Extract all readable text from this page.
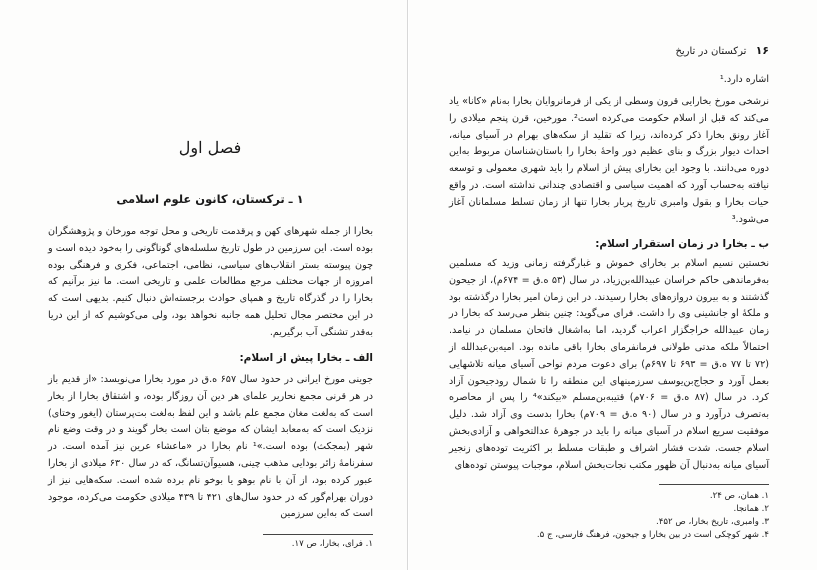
فصل اول

۱ ـ ترکستان، کانون علوم اسلامی

بخارا از جمله شهرهای کهن و پرقدمت تاریخی و محل توجه مورخان و پژوهشگران بوده است. این سرزمین در طول تاریخ سلسله‌های گوناگونی را به‌خود دیده است و چون پیوسته بستر انقلاب‌های سیاسی، نظامی، اجتماعی، فکری و فرهنگی بوده امروزه از جهات مختلف مرجع مطالعات علمی و تاریخی است. ما نیز برآنیم که بخارا را در گذرگاه تاریخ و همپای حوادث برجسته‌اش دنبال کنیم. بدیهی است که در این مختصر مجال تحلیل همه جانبه نخواهد بود، ولی می‌کوشیم که از این دریا به‌قدر تشنگی آب برگیریم.

الف ـ بخارا پیش از اسلام:

جوینی مورخ ایرانی در حدود سال ۶۵۷ ه.ق در مورد بخارا می‌نویسد: «از قدیم باز در هر قرنی مجمع نحاریر علمای هر دین آن روزگار بوده، و اشتقاق بخارا از بخار است که به‌لغت مغان مجمع علم باشد و این لفظ به‌لغت بت‌پرستان (ایغور وختای) نزدیک است که به‌معابد ایشان که موضع بتان است بخار گویند و در وقت وضع نام شهر (بمجکث) بوده است.»¹ نام بخارا در «ماعشاء عرین نیز آمده است. در سفرنامهٔ زائر بودایی مذهب چینی، هسیوآن‌تسانگ، که در سال ۶۳۰ میلادی از بخارا عبور کرده بود، از آن با نام بوهو یا بوخو نام برده شده است. سکه‌هایی نیز از دوران بهرام‌گور که در حدود سال‌های ۴۲۱ تا ۴۳۹ میلادی حکومت می‌کرده، موجود است که به‌این سرزمین

۱. فرای، بخارا، ص ۱۷.

۱۶ ترکستان در تاریخ

اشاره دارد.¹

نرشخی مورخ بخارایی قرون وسطی از یکی از فرمانروایان بخارا به‌نام «کانا» یاد می‌کند که قبل از اسلام حکومت می‌کرده است². مورخین، قرن پنجم میلادی را آغاز رونق بخارا ذکر کرده‌اند، زیرا که تقلید از سکه‌های بهرام در آسیای میانه، احداث دیوار بزرگ و بنای عظیم دور واحهٔ بخارا را باستان‌شناسان مربوط به‌این دوره می‌دانند. با وجود این بخارای پیش از اسلام را باید شهری معمولی و توسعه نیافته به‌حساب آورد که اهمیت سیاسی و اقتصادی چندانی نداشته است. در واقع حیات بخارا و بقول وامبری تاریخ پربار بخارا تنها از زمان تسلط مسلمانان آغاز می‌شود.³

ب ـ بخارا در زمان استقرار اسلام:

نخستین نسیم اسلام بر بخارای خموش و غبارگرفته زمانی وزید که مسلمین به‌فرماندهی حاکم خراسان عبیدالله‌بن‌زیاد، در سال (۵۳ ه.ق = ۶۷۴م)، از جیحون گذشتند و به بیرون دروازه‌های بخارا رسیدند. در این زمان امیر بخارا درگذشته بود و ملکهٔ او جانشینی وی را داشت. فرای می‌گوید: چنین بنظر می‌رسد که بخارا در زمان عبیدالله خراجگزار اعراب گردید، اما به‌اشغال فاتحان مسلمان در نیامد. احتمالاً ملکه مدتی طولانی فرمانفرمای بخارا باقی مانده بود. امیه‌بن‌عبدالله از (۷۲ تا ۷۷ ه.ق = ۶۹۳ تا ۶۹۷م) برای دعوت مردم نواحی آسیای میانه تلاشهایی بعمل آورد و حجاج‌بن‌یوسف سرزمینهای این منطقه را تا شمال رودجیحون آزاد کرد. در سال (۸۷ ه.ق = ۷۰۶م) قتیبه‌بن‌مسلم «بیکند»⁴ را پس از محاصره به‌تصرف درآورد و در سال (۹۰ ه.ق = ۷۰۹م) بخارا بدست وی آزاد شد. دلیل موفقیت سریع اسلام در آسیای میانه را باید در جوهرهٔ عدالتخواهی و آزادی‌بخش اسلام جست. شدت فشار اشراف و طبقات مسلط بر اکثریت توده‌های زنجیر آسیای میانه به‌دنبال آن ظهور مکتب نجات‌بخش اسلام، موجبات پیوستن توده‌های

۱. همان، ص ۲۴.

۲. همانجا.

۳. وامبری، تاریخ بخارا، ص ۴۵۲.

۴. شهر کوچکی است در بین بخارا و جیحون، فرهنگ فارسی، ج ۵.
